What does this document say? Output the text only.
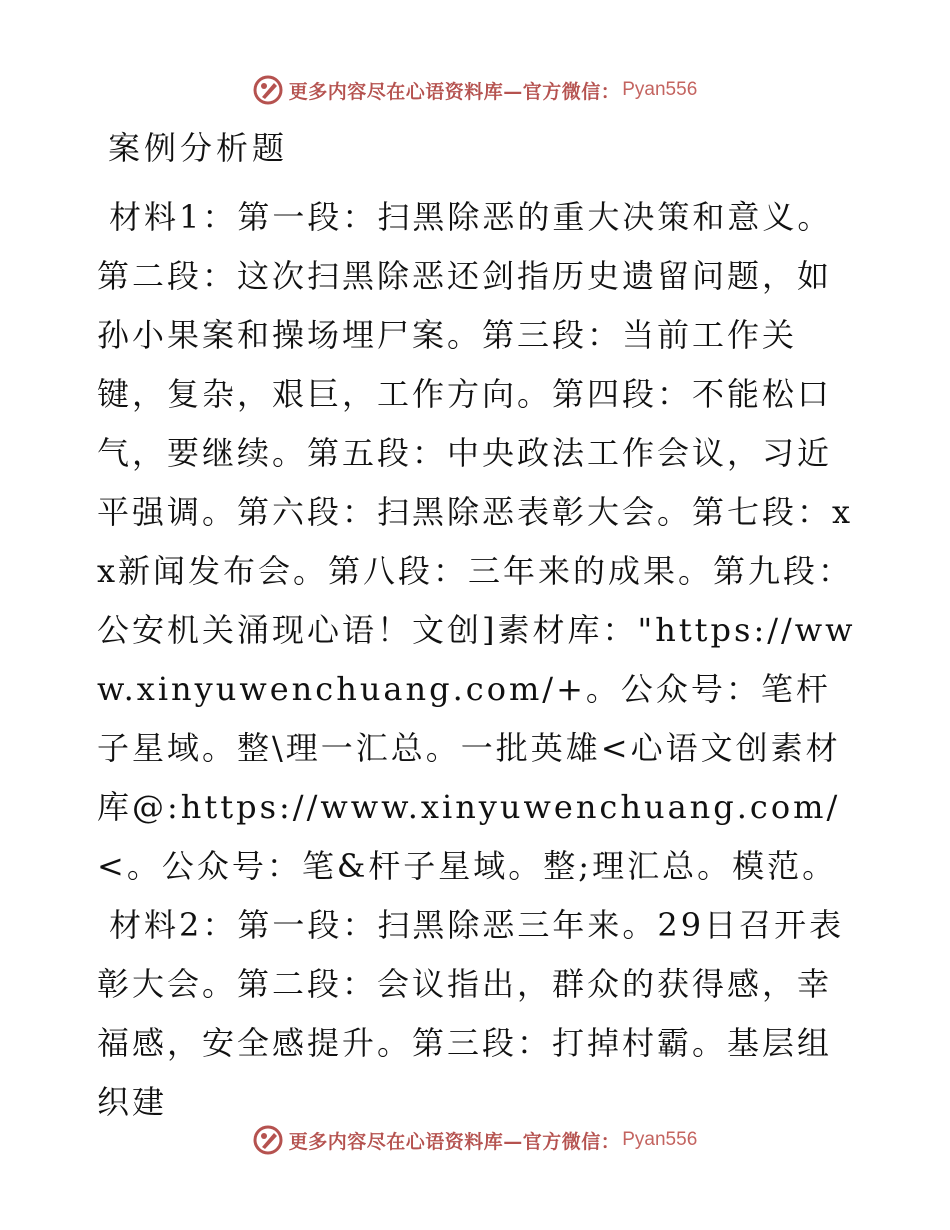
更多内容尽在心语资料库—官方微信： Pyan556
案例分析题

材料1：第一段：扫黑除恶的重大决策和意义。第二段：这次扫黑除恶还剑指历史遗留问题，如孙小果案和操场埋尸案。第三段：当前工作关键，复杂，艰巨，工作方向。第四段：不能松口气，要继续。第五段：中央政法工作会议，习近平强调。第六段：扫黑除恶表彰大会。第七段：xx新闻发布会。第八段：三年来的成果。第九段：公安机关涌现心语！文创]素材库："https://www.xinyuwenchuang.com/+。公众号：笔杆子星域。整\理一汇总。一批英雄<心语文创素材库@:https://www.xinyuwenchuang.com/<。公众号：笔&杆子星域。整;理汇总。模范。

材料2：第一段：扫黑除恶三年来。29日召开表彰大会。第二段：会议指出，群众的获得感，幸福感，安全感提升。第三段：打掉村霸。基层组织建

更多内容尽在心语资料库—官方微信： Pyan556
